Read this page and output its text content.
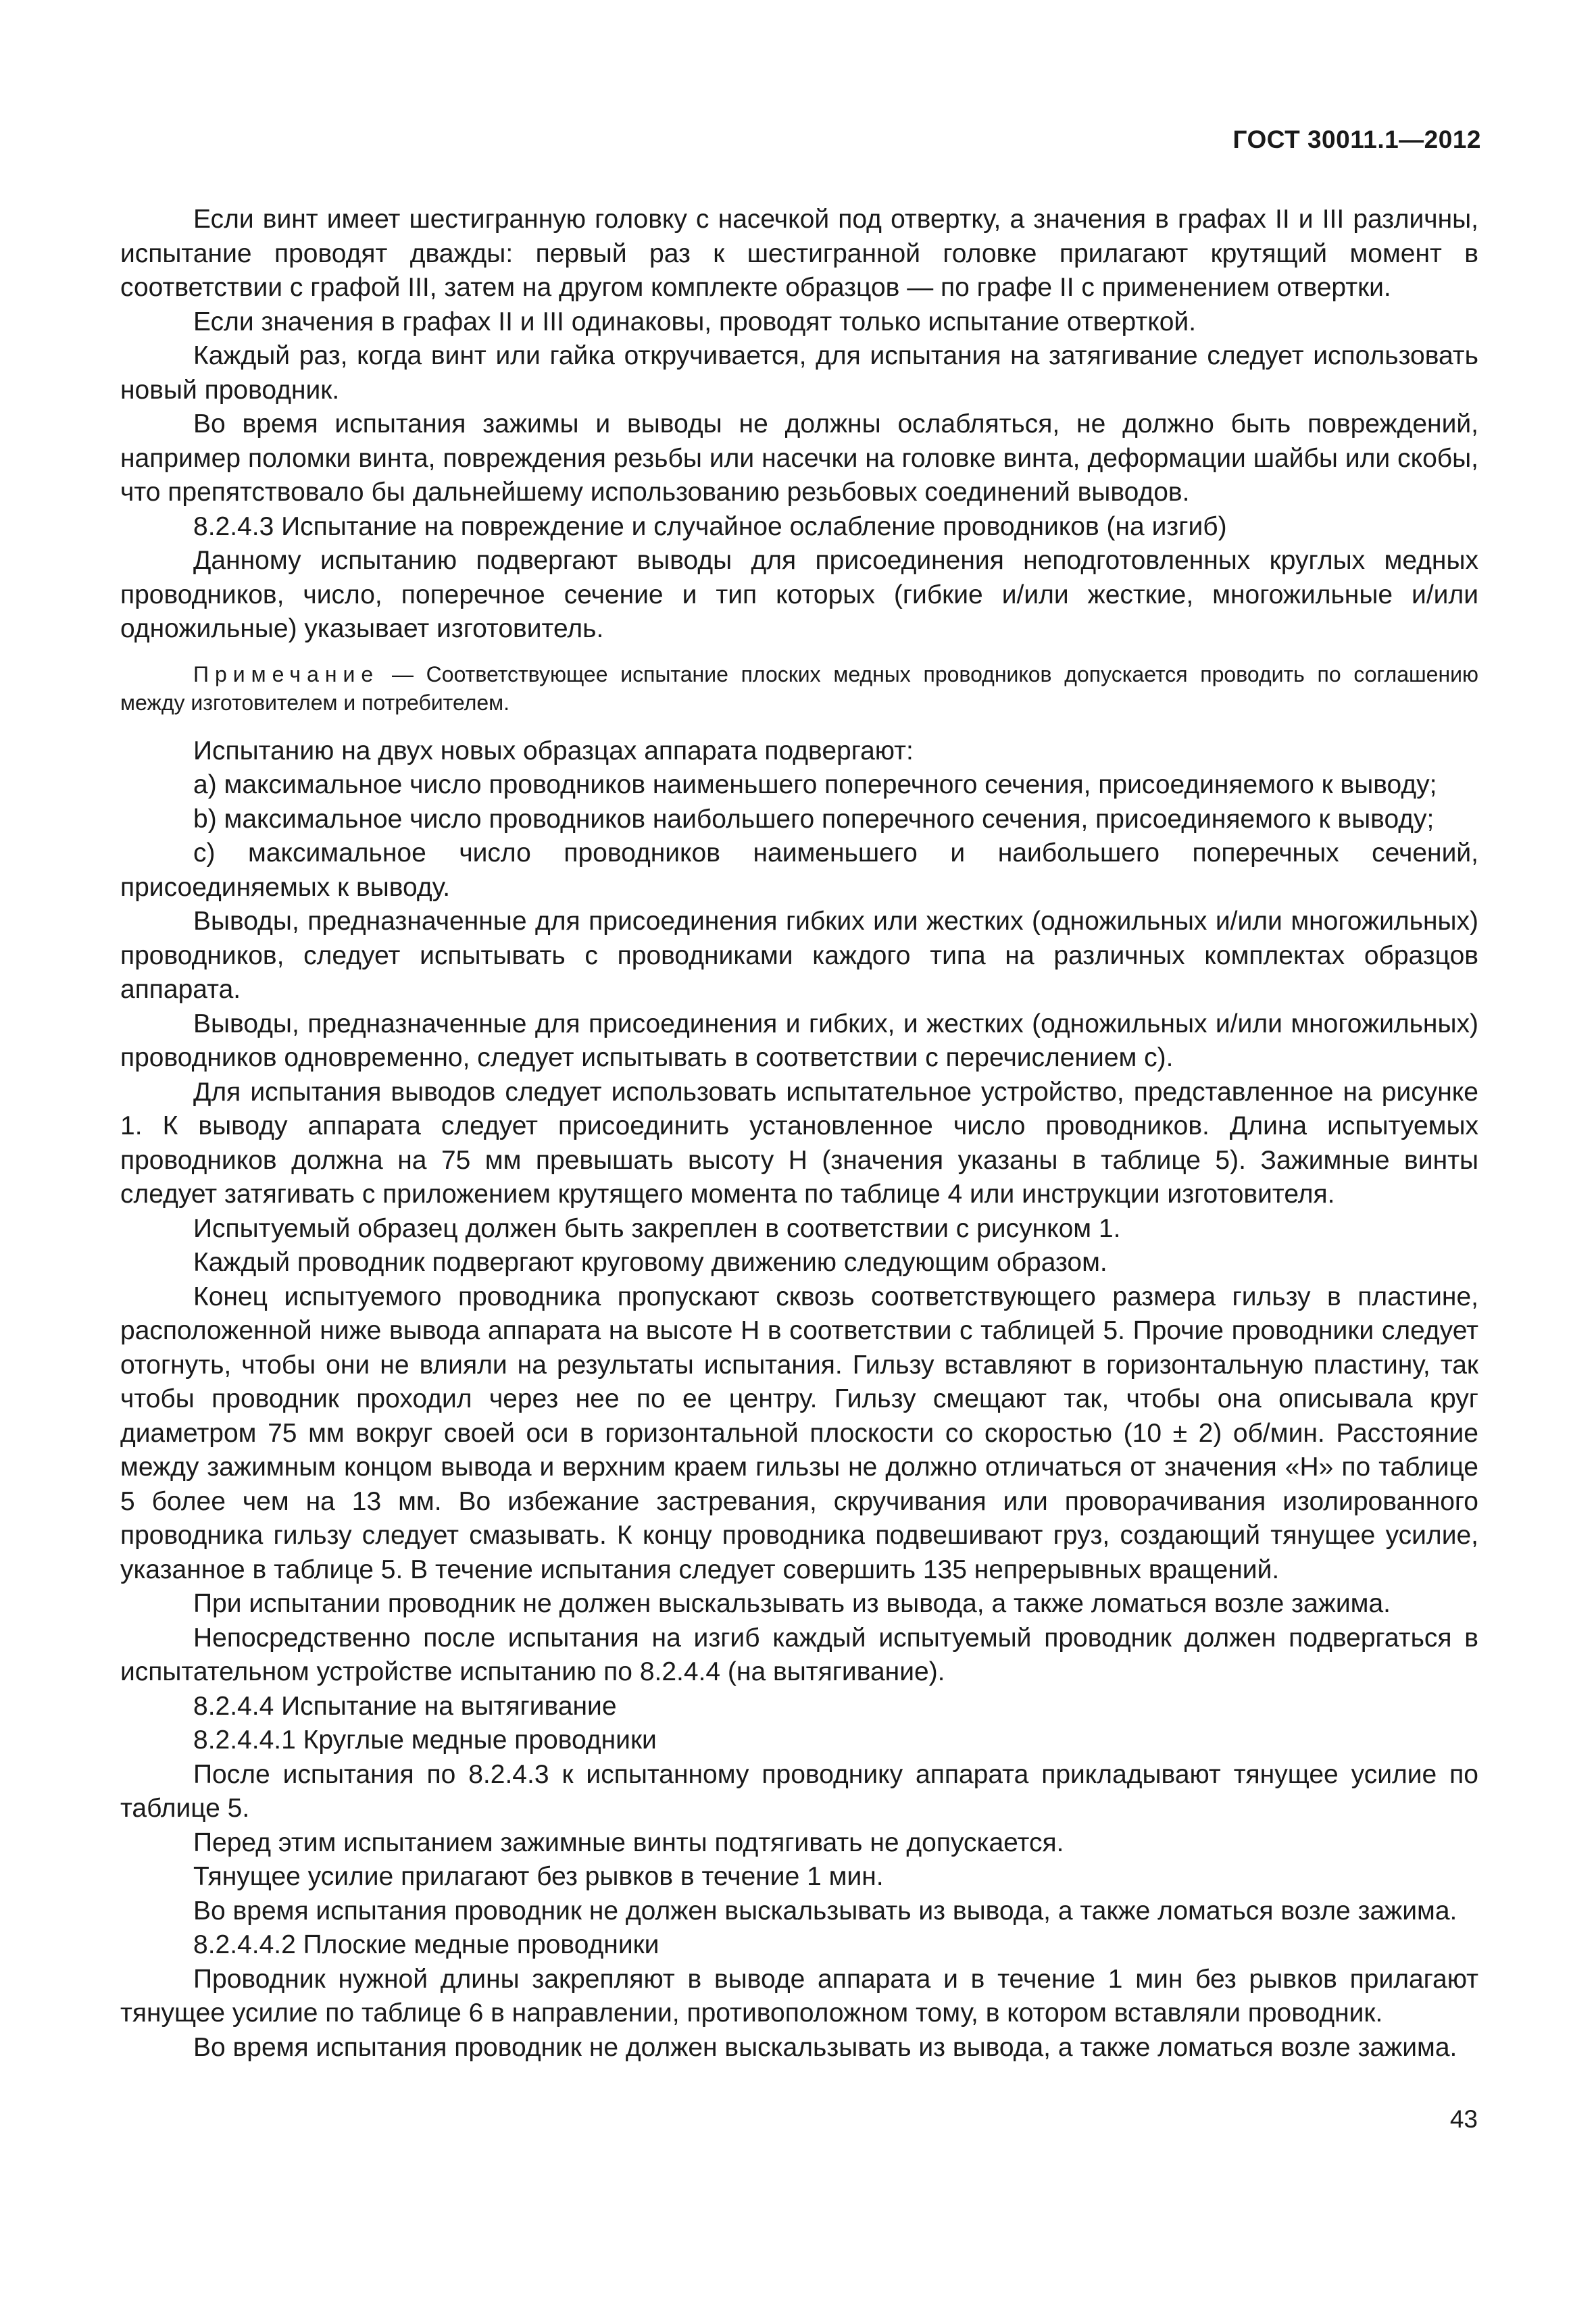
ГОСТ 30011.1—2012

Если винт имеет шестигранную головку с насечкой под отвертку, а значения в графах II и III различны, испытание проводят дважды: первый раз к шестигранной головке прилагают крутящий момент в соответствии с графой III, затем на другом комплекте образцов — по графе II с применением отвертки.

Если значения в графах II и III одинаковы, проводят только испытание отверткой.

Каждый раз, когда винт или гайка откручивается, для испытания на затягивание следует использовать новый проводник.

Во время испытания зажимы и выводы не должны ослабляться, не должно быть повреждений, например поломки винта, повреждения резьбы или насечки на головке винта, деформации шайбы или скобы, что препятствовало бы дальнейшему использованию резьбовых соединений выводов.

8.2.4.3 Испытание на повреждение и случайное ослабление проводников (на изгиб)

Данному испытанию подвергают выводы для присоединения неподготовленных круглых медных проводников, число, поперечное сечение и тип которых (гибкие и/или жесткие, многожильные и/или одножильные) указывает изготовитель.

Примечание — Соответствующее испытание плоских медных проводников допускается проводить по соглашению между изготовителем и потребителем.

Испытанию на двух новых образцах аппарата подвергают:

a) максимальное число проводников наименьшего поперечного сечения, присоединяемого к выводу;

b) максимальное число проводников наибольшего поперечного сечения, присоединяемого к выводу;

c) максимальное число проводников наименьшего и наибольшего поперечных сечений, присоединяемых к выводу.

Выводы, предназначенные для присоединения гибких или жестких (одножильных и/или многожильных) проводников, следует испытывать с проводниками каждого типа на различных комплектах образцов аппарата.

Выводы, предназначенные для присоединения и гибких, и жестких (одножильных и/или многожильных) проводников одновременно, следует испытывать в соответствии с перечислением c).

Для испытания выводов следует использовать испытательное устройство, представленное на рисунке 1. К выводу аппарата следует присоединить установленное число проводников. Длина испытуемых проводников должна на 75 мм превышать высоту H (значения указаны в таблице 5). Зажимные винты следует затягивать с приложением крутящего момента по таблице 4 или инструкции изготовителя.

Испытуемый образец должен быть закреплен в соответствии с рисунком 1.

Каждый проводник подвергают круговому движению следующим образом.

Конец испытуемого проводника пропускают сквозь соответствующего размера гильзу в пластине, расположенной ниже вывода аппарата на высоте H в соответствии с таблицей 5. Прочие проводники следует отогнуть, чтобы они не влияли на результаты испытания. Гильзу вставляют в горизонтальную пластину, так чтобы проводник проходил через нее по ее центру. Гильзу смещают так, чтобы она описывала круг диаметром 75 мм вокруг своей оси в горизонтальной плоскости со скоростью (10 ± 2) об/мин. Расстояние между зажимным концом вывода и верхним краем гильзы не должно отличаться от значения «H» по таблице 5 более чем на 13 мм. Во избежание застревания, скручивания или проворачивания изолированного проводника гильзу следует смазывать. К концу проводника подвешивают груз, создающий тянущее усилие, указанное в таблице 5. В течение испытания следует совершить 135 непрерывных вращений.

При испытании проводник не должен выскальзывать из вывода, а также ломаться возле зажима.

Непосредственно после испытания на изгиб каждый испытуемый проводник должен подвергаться в испытательном устройстве испытанию по 8.2.4.4 (на вытягивание).

8.2.4.4 Испытание на вытягивание

8.2.4.4.1 Круглые медные проводники

После испытания по 8.2.4.3 к испытанному проводнику аппарата прикладывают тянущее усилие по таблице 5.

Перед этим испытанием зажимные винты подтягивать не допускается.

Тянущее усилие прилагают без рывков в течение 1 мин.

Во время испытания проводник не должен выскальзывать из вывода, а также ломаться возле зажима.

8.2.4.4.2 Плоские медные проводники

Проводник нужной длины закрепляют в выводе аппарата и в течение 1 мин без рывков прилагают тянущее усилие по таблице 6 в направлении, противоположном тому, в котором вставляли проводник.

Во время испытания проводник не должен выскальзывать из вывода, а также ломаться возле зажима.

43
